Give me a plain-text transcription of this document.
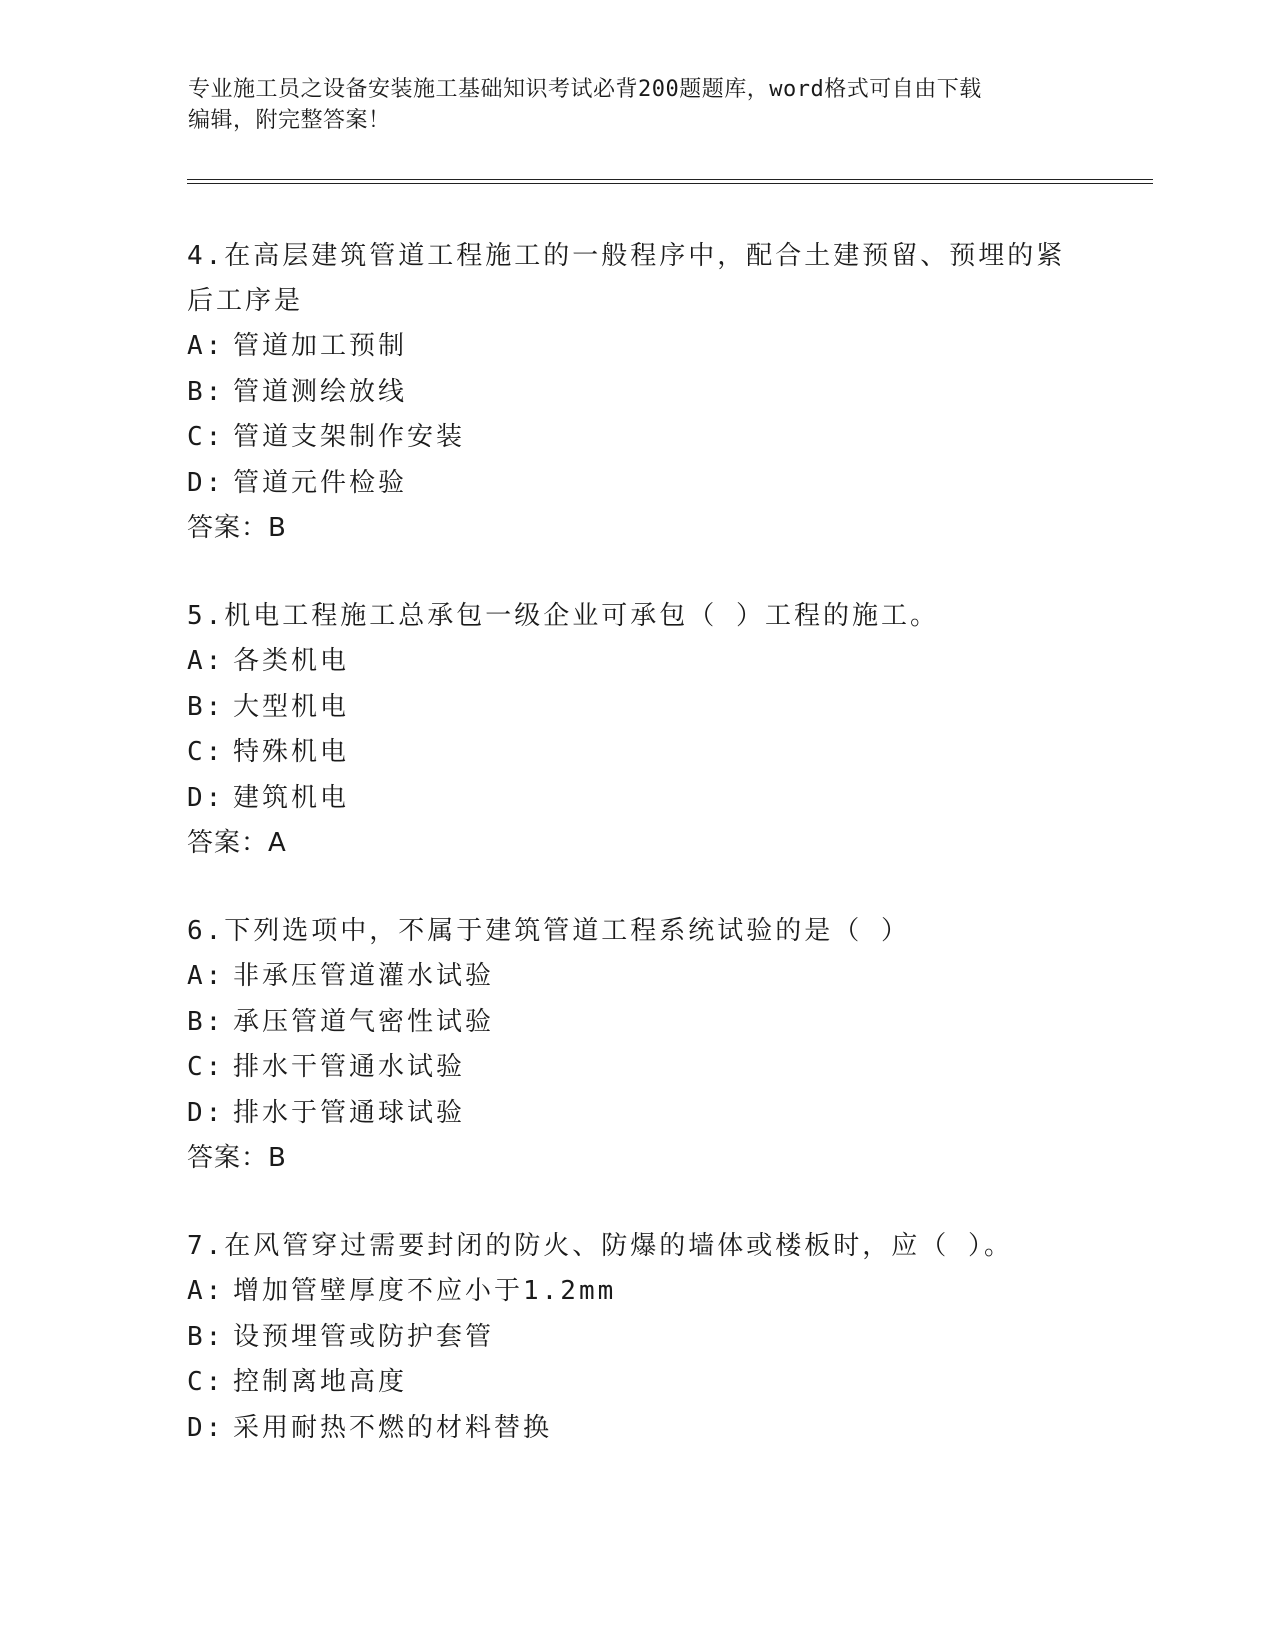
专业施工员之设备安装施工基础知识考试必背200题题库，word格式可自由下载
编辑，附完整答案！
4.在高层建筑管道工程施工的一般程序中，配合土建预留、预埋的紧
后工序是
A: 管道加工预制
B: 管道测绘放线
C: 管道支架制作安装
D: 管道元件检验
答案：B
5.机电工程施工总承包一级企业可承包（ ）工程的施工。
A: 各类机电
B: 大型机电
C: 特殊机电
D: 建筑机电
答案：A
6.下列选项中，不属于建筑管道工程系统试验的是（ ）
A: 非承压管道灌水试验
B: 承压管道气密性试验
C: 排水干管通水试验
D: 排水于管通球试验
答案：B
7.在风管穿过需要封闭的防火、防爆的墙体或楼板时，应（ ）。
A: 增加管壁厚度不应小于1.2mm
B: 设预埋管或防护套管
C: 控制离地高度
D: 采用耐热不燃的材料替换
